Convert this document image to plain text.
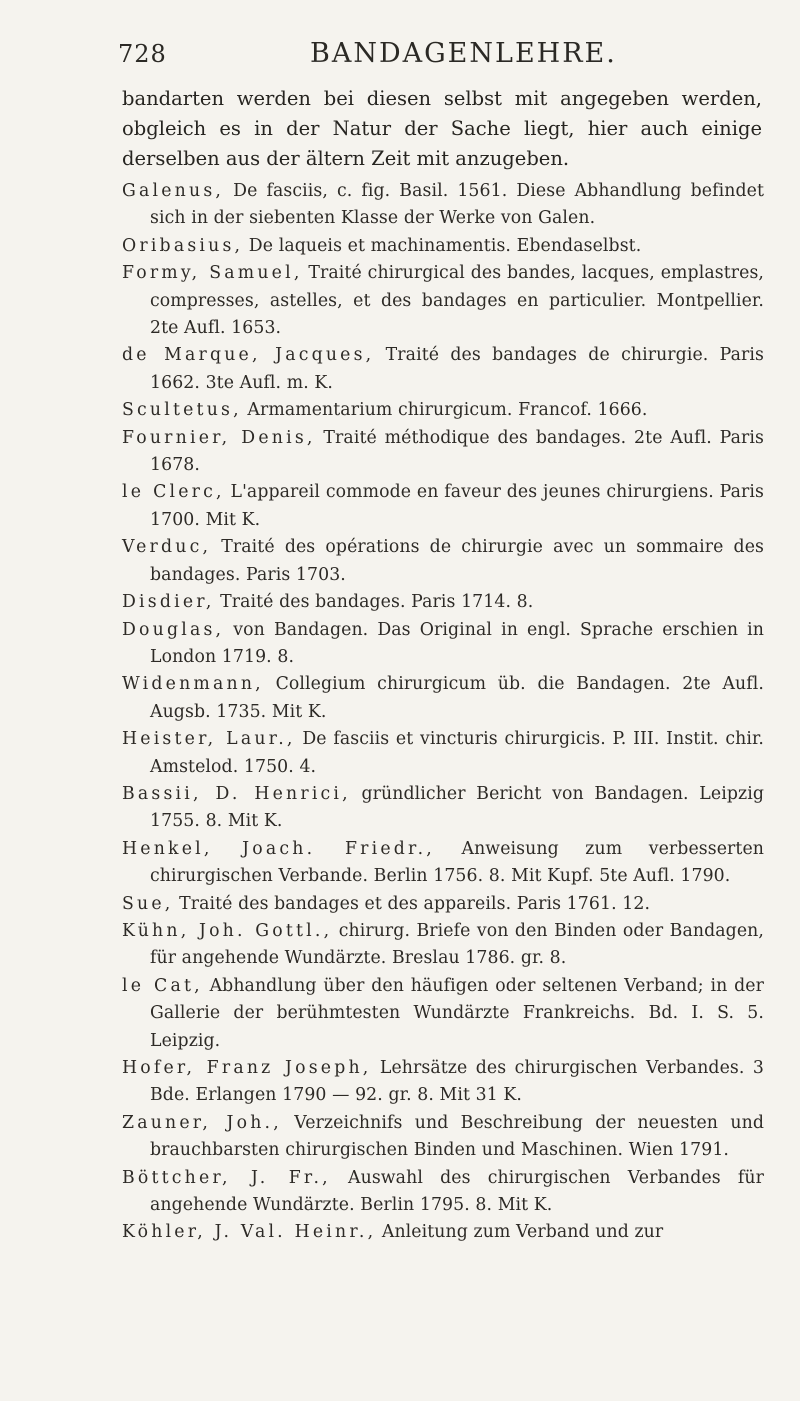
728	BANDAGENLEHRE.

bandarten werden bei diesen selbst mit angegeben werden, obgleich es in der Natur der Sache liegt, hier auch einige derselben aus der ältern Zeit mit anzugeben.

Galenus, De fasciis, c. fig. Basil. 1561. Diese Abhandlung befindet sich in der siebenten Klasse der Werke von Galen.

Oribasius, De laqueis et machinamentis. Ebendaselbst.

Formy, Samuel, Traité chirurgical des bandes, lacques, emplastres, compresses, astelles, et des bandages en particulier. Montpellier. 2te Aufl. 1653.

de Marque, Jacques, Traité des bandages de chirurgie. Paris 1662. 3te Aufl. m. K.

Scultetus, Armamentarium chirurgicum. Francof. 1666.

Fournier, Denis, Traité méthodique des bandages. 2te Aufl. Paris 1678.

le Clerc, L'appareil commode en faveur des jeunes chirurgiens. Paris 1700. Mit K.

Verduc, Traité des opérations de chirurgie avec un sommaire des bandages. Paris 1703.

Disdier, Traité des bandages. Paris 1714. 8.

Douglas, von Bandagen. Das Original in engl. Sprache erschien in London 1719. 8.

Widenmann, Collegium chirurgicum üb. die Bandagen. 2te Aufl. Augsb. 1735. Mit K.

Heister, Laur., De fasciis et vincturis chirurgicis. P. III. Instit. chir. Amstelod. 1750. 4.

Bassii, D. Henrici, gründlicher Bericht von Bandagen. Leipzig 1755. 8. Mit K.

Henkel, Joach. Friedr., Anweisung zum verbesserten chirurgischen Verbande. Berlin 1756. 8. Mit Kupf. 5te Aufl. 1790.

Sue, Traité des bandages et des appareils. Paris 1761. 12.

Kühn, Joh. Gottl., chirurg. Briefe von den Binden oder Bandagen, für angehende Wundärzte. Breslau 1786. gr. 8.

le Cat, Abhandlung über den häufigen oder seltenen Verband; in der Gallerie der berühmtesten Wundärzte Frankreichs. Bd. I. S. 5. Leipzig.

Hofer, Franz Joseph, Lehrsätze des chirurgischen Verbandes. 3 Bde. Erlangen 1790 — 92. gr. 8. Mit 31 K.

Zauner, Joh., Verzeichnifs und Beschreibung der neuesten und brauchbarsten chirurgischen Binden und Maschinen. Wien 1791.

Böttcher, J. Fr., Auswahl des chirurgischen Verbandes für angehende Wundärzte. Berlin 1795. 8. Mit K.

Köhler, J. Val. Heinr., Anleitung zum Verband und zur
